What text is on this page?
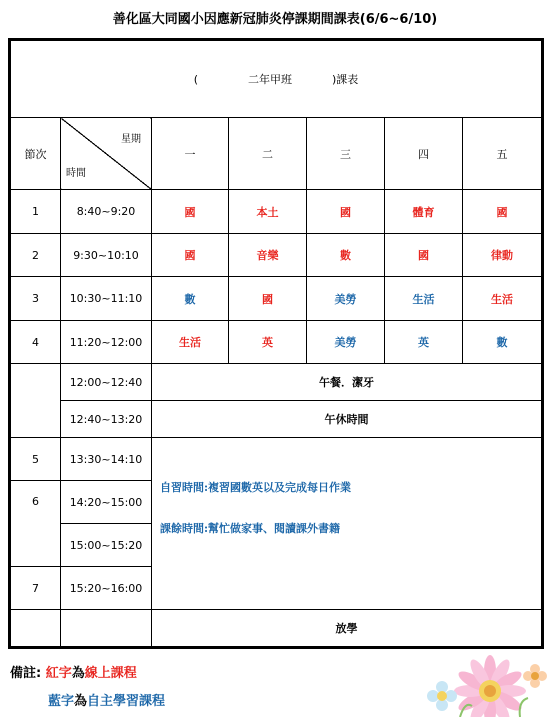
善化區大同國小因應新冠肺炎停課期間課表(6/6~6/10)
( 二年甲班 )課表						
節次	星期
時間	一	二	三	四	五
1	8:40~9:20	國	本土	國	體育	國
2	9:30~10:10	國	音樂	數	國	律動
3	10:30~11:10	數	國	美勞	生活	生活
4	11:20~12:00	生活	英	美勞	英	數
	12:00~12:40	午餐．潔牙				
	12:40~13:20	午休時間				
5	13:30~14:10	自習時間:複習國數英以及完成每日作業
課餘時間:幫忙做家事、閱讀課外書籍				

6	14:20~15:00					
	15:00~15:20					
7	15:20~16:00					
		放學				
備註: 紅字為線上課程
藍字為自主學習課程
